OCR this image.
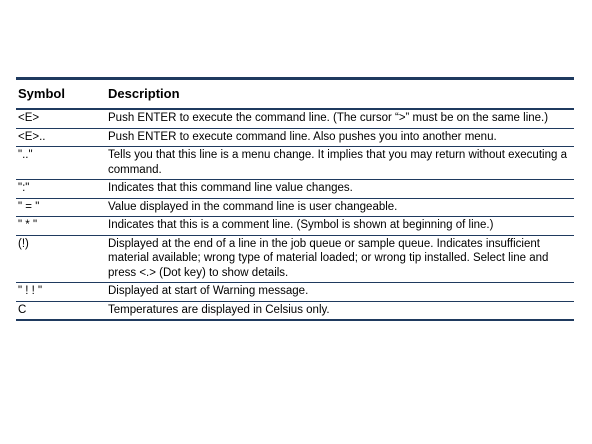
Symbol	Description
<E>	Push ENTER to execute the command line. (The cursor “>” must be on the same line.)
<E>..	Push ENTER to execute command line. Also pushes you into another menu.
".."	Tells you that this line is a menu change. It implies that you may return without executing a command.
":"	Indicates that this command line value changes.
" = "	Value displayed in the command line is user changeable.
" * "	Indicates that this is a comment line. (Symbol is shown at beginning of line.)
(!)	Displayed at the end of a line in the job queue or sample queue. Indicates insufficient material available; wrong type of material loaded; or wrong tip installed. Select line and press <.> (Dot key) to show details.
" ! ! "	Displayed at start of Warning message.
C	Temperatures are displayed in Celsius only.
